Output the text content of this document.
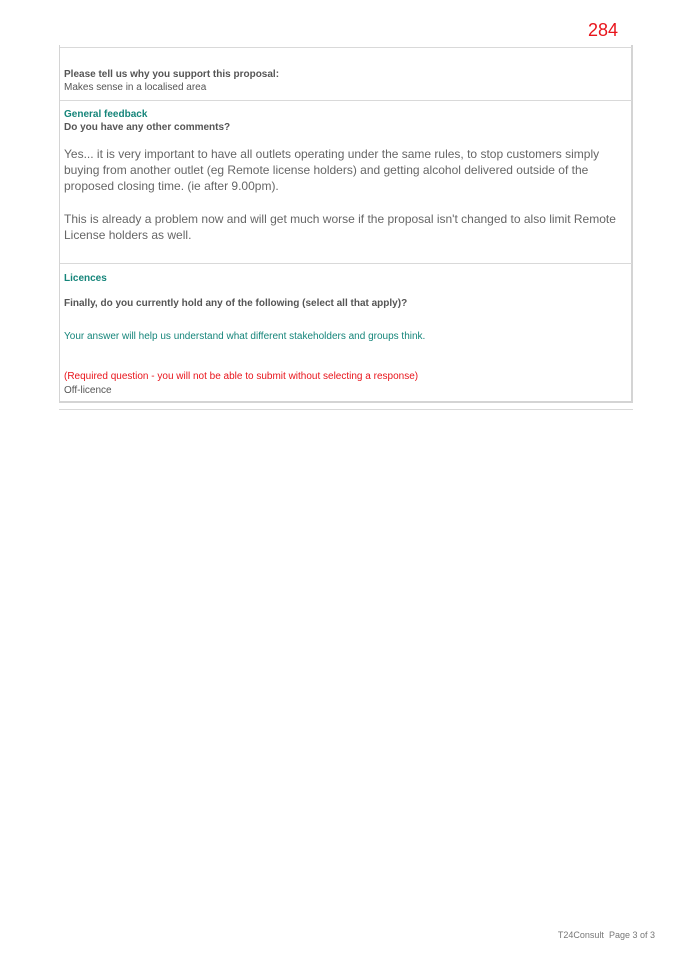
284
Please tell us why you support this proposal:
Makes sense in a localised area
General feedback
Do you have any other comments?

Yes... it is very important to have all outlets operating under the same rules, to stop customers simply buying from another outlet (eg Remote license holders) and getting alcohol delivered outside of the proposed closing time. (ie after 9.00pm).

This is already a problem now and will get much worse if the proposal isn't changed to also limit Remote License holders as well.

Licences
Finally, do you currently hold any of the following (select all that apply)?
Your answer will help us understand what different stakeholders and groups think.
(Required question - you will not be able to submit without selecting a response)
Off-licence
T24Consult Page 3 of 3
